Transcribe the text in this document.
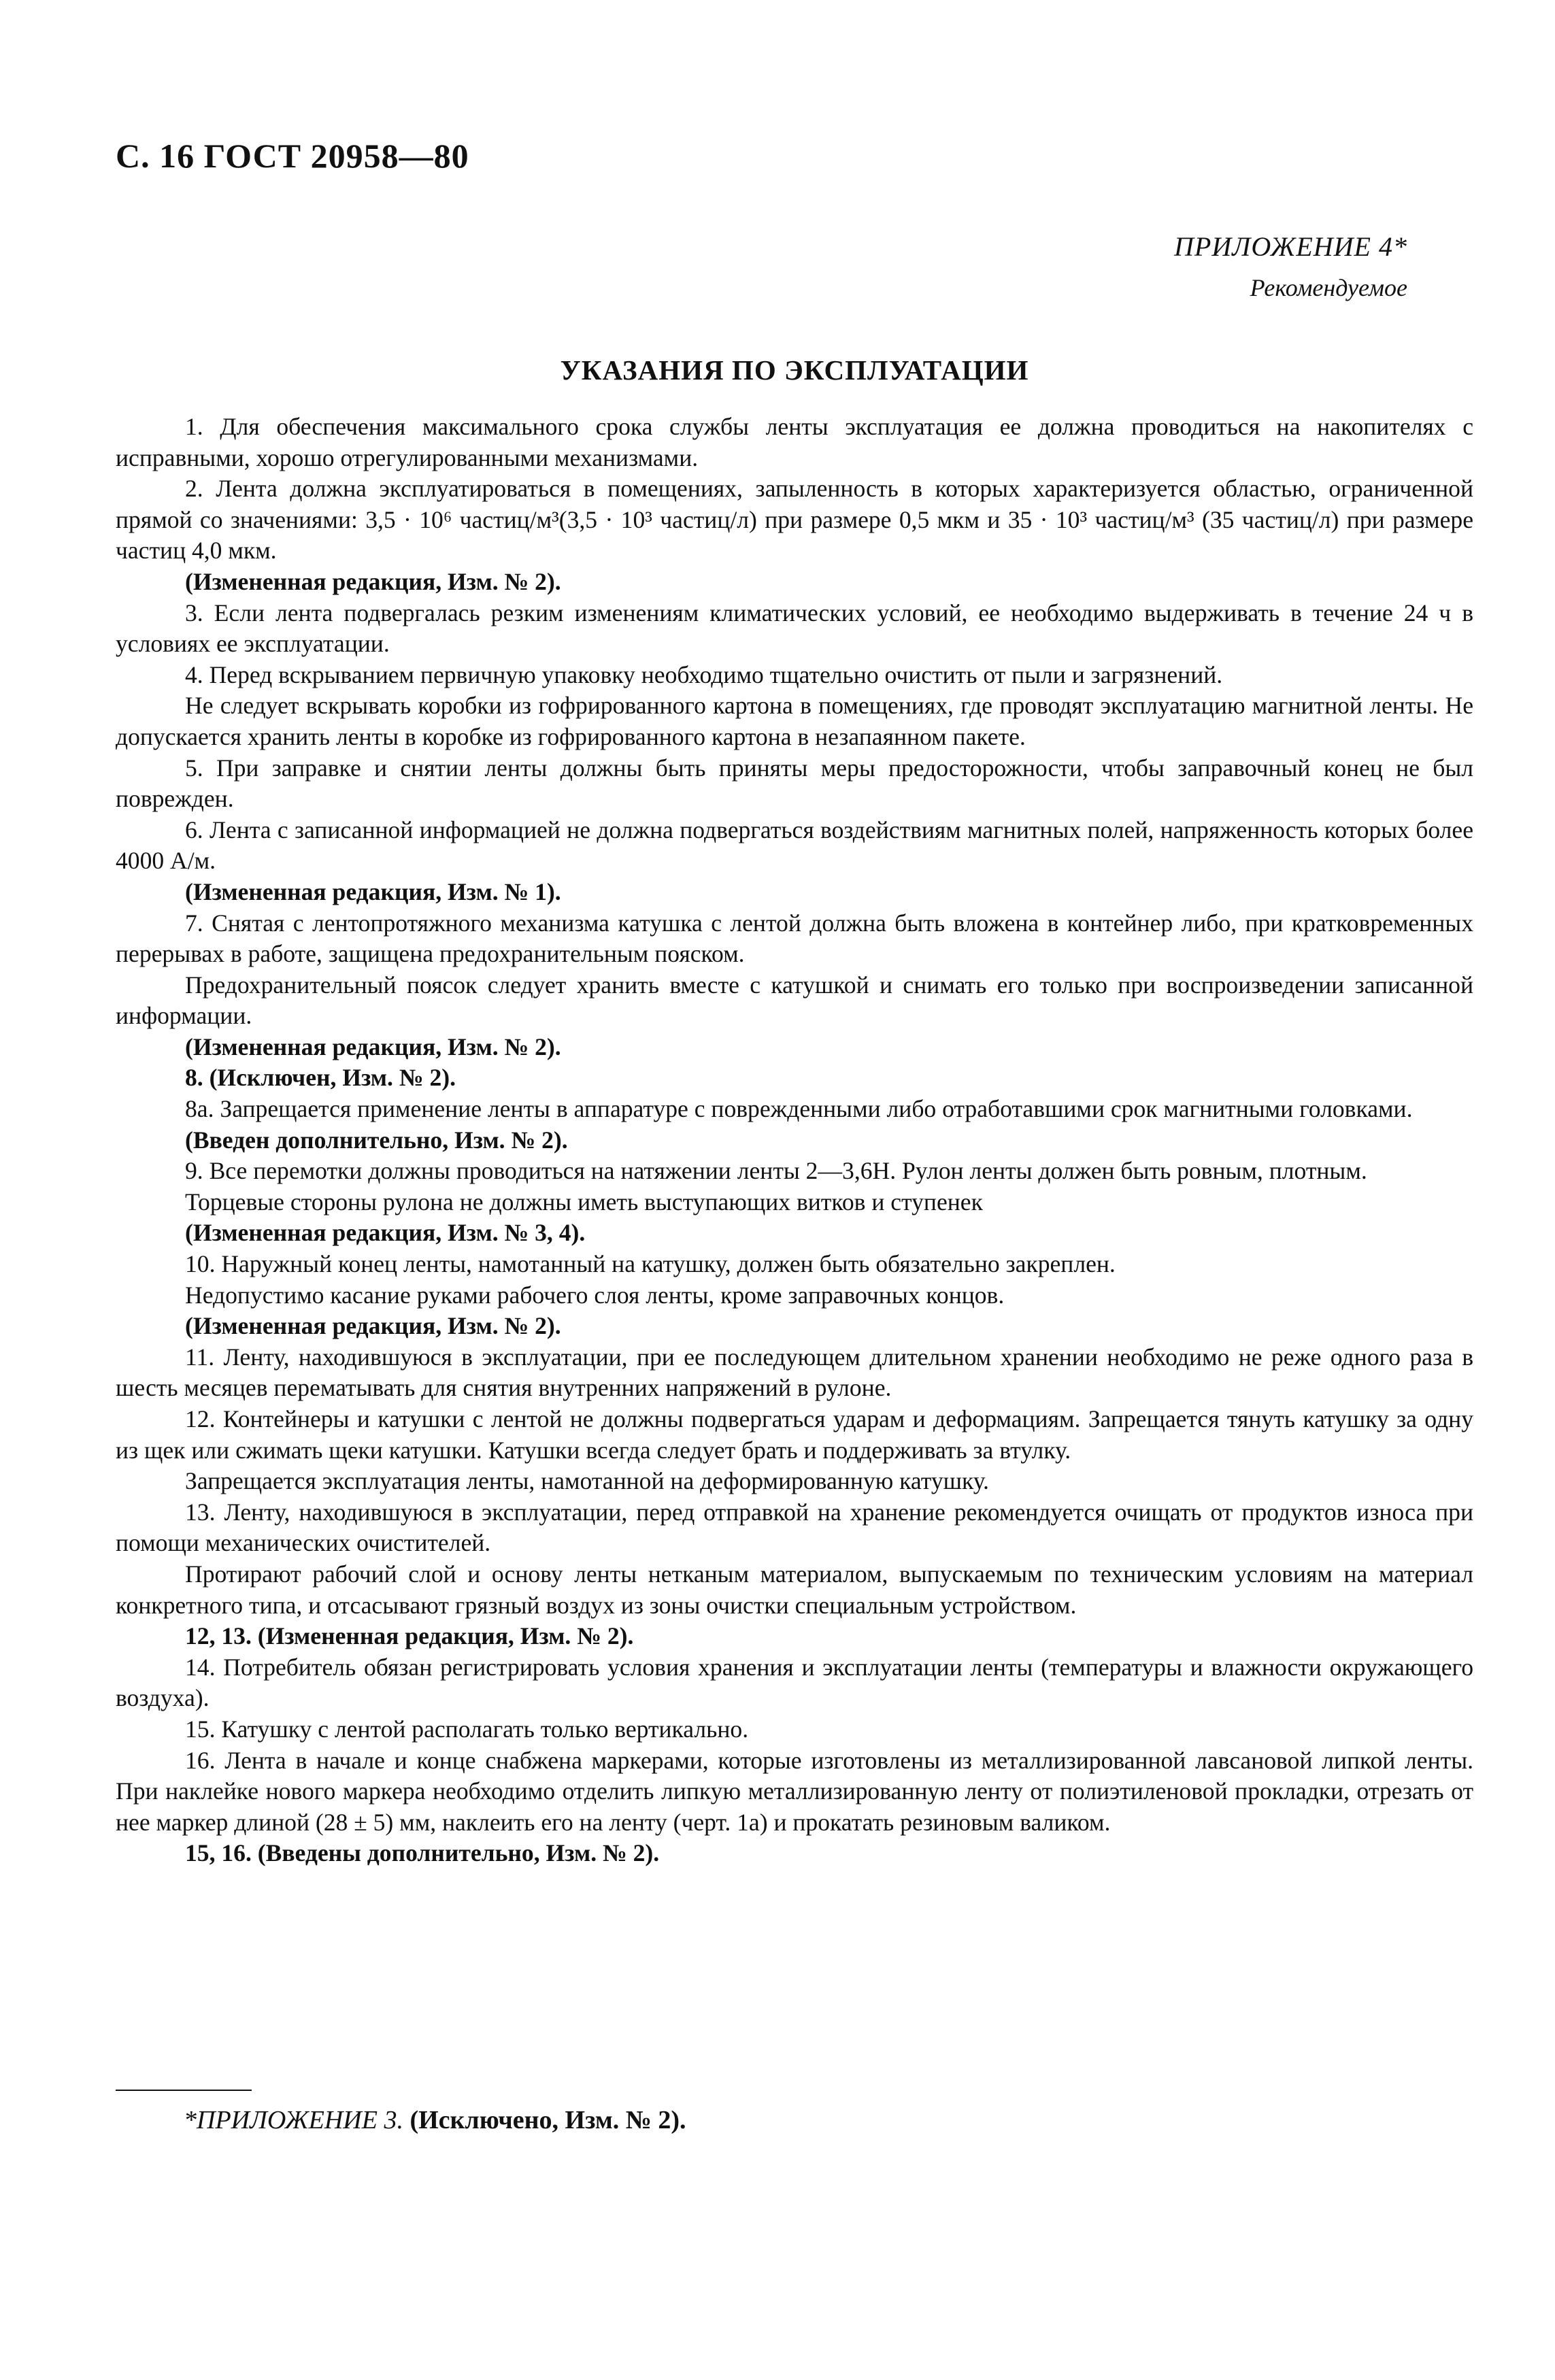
С. 16 ГОСТ 20958—80
ПРИЛОЖЕНИЕ 4*
Рекомендуемое
УКАЗАНИЯ ПО ЭКСПЛУАТАЦИИ

1. Для обеспечения максимального срока службы ленты эксплуатация ее должна проводиться на накопителях с исправными, хорошо отрегулированными механизмами.

2. Лента должна эксплуатироваться в помещениях, запыленность в которых характеризуется областью, ограниченной прямой со значениями: 3,5 · 10⁶ частиц/м³(3,5 · 10³ частиц/л) при размере 0,5 мкм и 35 · 10³ частиц/м³ (35 частиц/л) при размере частиц 4,0 мкм.

(Измененная редакция, Изм. № 2).

3. Если лента подвергалась резким изменениям климатических условий, ее необходимо выдерживать в течение 24 ч в условиях ее эксплуатации.

4. Перед вскрыванием первичную упаковку необходимо тщательно очистить от пыли и загрязнений.

Не следует вскрывать коробки из гофрированного картона в помещениях, где проводят эксплуатацию магнитной ленты. Не допускается хранить ленты в коробке из гофрированного картона в незапаянном пакете.

5. При заправке и снятии ленты должны быть приняты меры предосторожности, чтобы заправочный конец не был поврежден.

6. Лента с записанной информацией не должна подвергаться воздействиям магнитных полей, напряженность которых более 4000 А/м.

(Измененная редакция, Изм. № 1).

7. Снятая с лентопротяжного механизма катушка с лентой должна быть вложена в контейнер либо, при кратковременных перерывах в работе, защищена предохранительным пояском.

Предохранительный поясок следует хранить вместе с катушкой и снимать его только при воспроизведении записанной информации.

(Измененная редакция, Изм. № 2).

8. (Исключен, Изм. № 2).

8а. Запрещается применение ленты в аппаратуре с поврежденными либо отработавшими срок магнитными головками.

(Введен дополнительно, Изм. № 2).

9. Все перемотки должны проводиться на натяжении ленты 2—3,6Н. Рулон ленты должен быть ровным, плотным.

Торцевые стороны рулона не должны иметь выступающих витков и ступенек

(Измененная редакция, Изм. № 3, 4).

10. Наружный конец ленты, намотанный на катушку, должен быть обязательно закреплен.

Недопустимо касание руками рабочего слоя ленты, кроме заправочных концов.

(Измененная редакция, Изм. № 2).

11. Ленту, находившуюся в эксплуатации, при ее последующем длительном хранении необходимо не реже одного раза в шесть месяцев перематывать для снятия внутренних напряжений в рулоне.

12. Контейнеры и катушки с лентой не должны подвергаться ударам и деформациям. Запрещается тянуть катушку за одну из щек или сжимать щеки катушки. Катушки всегда следует брать и поддерживать за втулку.

Запрещается эксплуатация ленты, намотанной на деформированную катушку.

13. Ленту, находившуюся в эксплуатации, перед отправкой на хранение рекомендуется очищать от продуктов износа при помощи механических очистителей.

Протирают рабочий слой и основу ленты нетканым материалом, выпускаемым по техническим условиям на материал конкретного типа, и отсасывают грязный воздух из зоны очистки специальным устройством.

12, 13. (Измененная редакция, Изм. № 2).

14. Потребитель обязан регистрировать условия хранения и эксплуатации ленты (температуры и влажности окружающего воздуха).

15. Катушку с лентой располагать только вертикально.

16. Лента в начале и конце снабжена маркерами, которые изготовлены из металлизированной лавсановой липкой ленты. При наклейке нового маркера необходимо отделить липкую металлизированную ленту от полиэтиленовой прокладки, отрезать от нее маркер длиной (28 ± 5) мм, наклеить его на ленту (черт. 1а) и прокатать резиновым валиком.

15, 16. (Введены дополнительно, Изм. № 2).

*ПРИЛОЖЕНИЕ 3. (Исключено, Изм. № 2).
